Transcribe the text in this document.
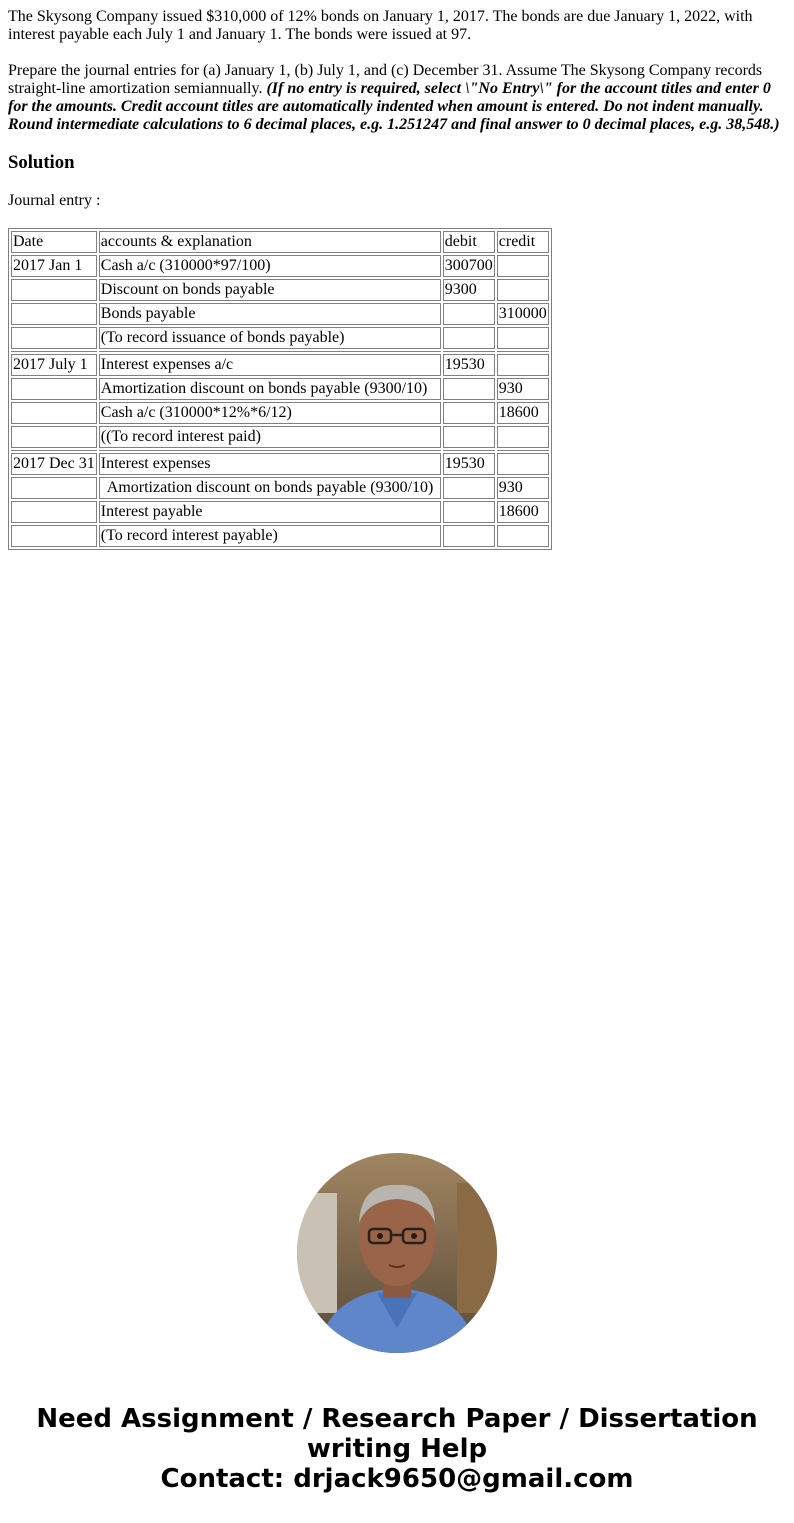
The Skysong Company issued $310,000 of 12% bonds on January 1, 2017. The bonds are due January 1, 2022, with interest payable each July 1 and January 1. The bonds were issued at 97.

Prepare the journal entries for (a) January 1, (b) July 1, and (c) December 31. Assume The Skysong Company records straight-line amortization semiannually. (If no entry is required, select \"No Entry\" for the account titles and enter 0 for the amounts. Credit account titles are automatically indented when amount is entered. Do not indent manually. Round intermediate calculations to 6 decimal places, e.g. 1.251247 and final answer to 0 decimal places, e.g. 38,548.)

Solution

Journal entry :

Date	accounts & explanation	debit	credit
2017 Jan 1	Cash a/c (310000*97/100)	300700	
	Discount on bonds payable	9300	
	Bonds payable		310000
	(To record issuance of bonds payable)		

2017 July 1	Interest expenses a/c	19530	
	Amortization discount on bonds payable (9300/10)		930
	Cash a/c (310000*12%*6/12)		18600
	((To record interest paid)		

2017 Dec 31	Interest expenses	19530	
	Amortization discount on bonds payable (9300/10)		930
	Interest payable		18600
	(To record interest payable)		
Need Assignment / Research Paper / Dissertation
writing Help
Contact: drjack9650@gmail.com
